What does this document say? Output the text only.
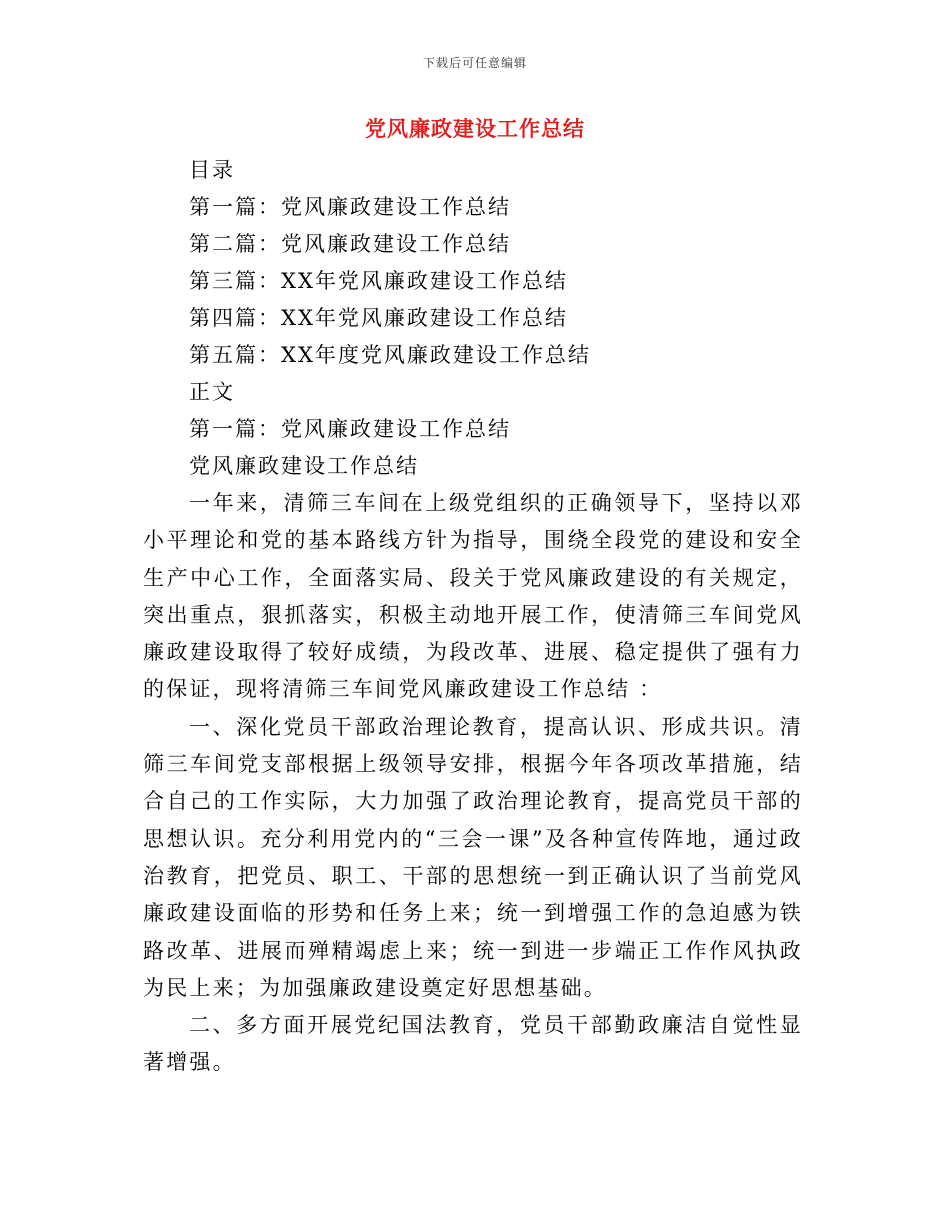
下载后可任意编辑
党风廉政建设工作总结
目录
第一篇：党风廉政建设工作总结
第二篇：党风廉政建设工作总结
第三篇：XX年党风廉政建设工作总结
第四篇：XX年党风廉政建设工作总结
第五篇：XX年度党风廉政建设工作总结
正文
第一篇：党风廉政建设工作总结
党风廉政建设工作总结

一年来，清筛三车间在上级党组织的正确领导下，坚持以邓小平理论和党的基本路线方针为指导，围绕全段党的建设和安全生产中心工作，全面落实局、段关于党风廉政建设的有关规定，突出重点，狠抓落实，积极主动地开展工作，使清筛三车间党风廉政建设取得了较好成绩，为段改革、进展、稳定提供了强有力的保证，现将清筛三车间党风廉政建设工作总结 ：

一、深化党员干部政治理论教育，提高认识、形成共识。清筛三车间党支部根据上级领导安排，根据今年各项改革措施，结合自己的工作实际，大力加强了政治理论教育，提高党员干部的思想认识。充分利用党内的“三会一课”及各种宣传阵地，通过政治教育，把党员、职工、干部的思想统一到正确认识了当前党风廉政建设面临的形势和任务上来；统一到增强工作的急迫感为铁路改革、进展而殚精竭虑上来；统一到进一步端正工作作风执政为民上来；为加强廉政建设奠定好思想基础。

二、多方面开展党纪国法教育，党员干部勤政廉洁自觉性显著增强。
